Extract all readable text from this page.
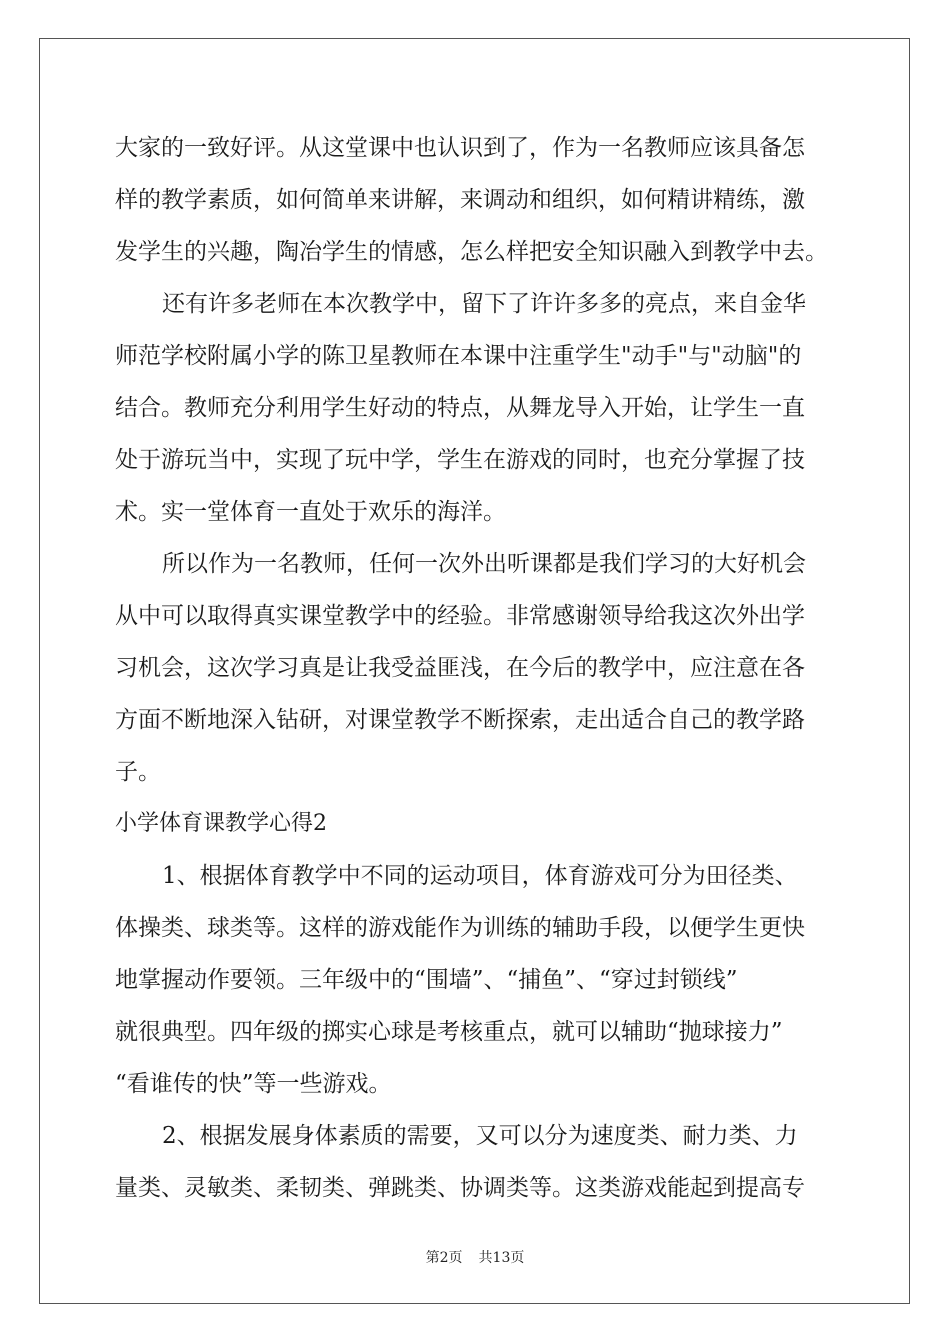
大家的一致好评。从这堂课中也认识到了，作为一名教师应该具备怎
样的教学素质，如何简单来讲解，来调动和组织，如何精讲精练，激
发学生的兴趣，陶冶学生的情感，怎么样把安全知识融入到教学中去。
还有许多老师在本次教学中，留下了许许多多的亮点，来自金华
师范学校附属小学的陈卫星教师在本课中注重学生"动手"与"动脑"的
结合。教师充分利用学生好动的特点，从舞龙导入开始，让学生一直
处于游玩当中，实现了玩中学，学生在游戏的同时，也充分掌握了技
术。实一堂体育一直处于欢乐的海洋。
所以作为一名教师，任何一次外出听课都是我们学习的大好机会
从中可以取得真实课堂教学中的经验。非常感谢领导给我这次外出学
习机会，这次学习真是让我受益匪浅，在今后的教学中，应注意在各
方面不断地深入钻研，对课堂教学不断探索，走出适合自己的教学路
子。
小学体育课教学心得2
1、根据体育教学中不同的运动项目，体育游戏可分为田径类、
体操类、球类等。这样的游戏能作为训练的辅助手段，以便学生更快
地掌握动作要领。三年级中的“围墙”、“捕鱼”、“穿过封锁线”
就很典型。四年级的掷实心球是考核重点，就可以辅助“抛球接力”
“看谁传的快”等一些游戏。
2、根据发展身体素质的需要，又可以分为速度类、耐力类、力
量类、灵敏类、柔韧类、弹跳类、协调类等。这类游戏能起到提高专
第2页 共13页
